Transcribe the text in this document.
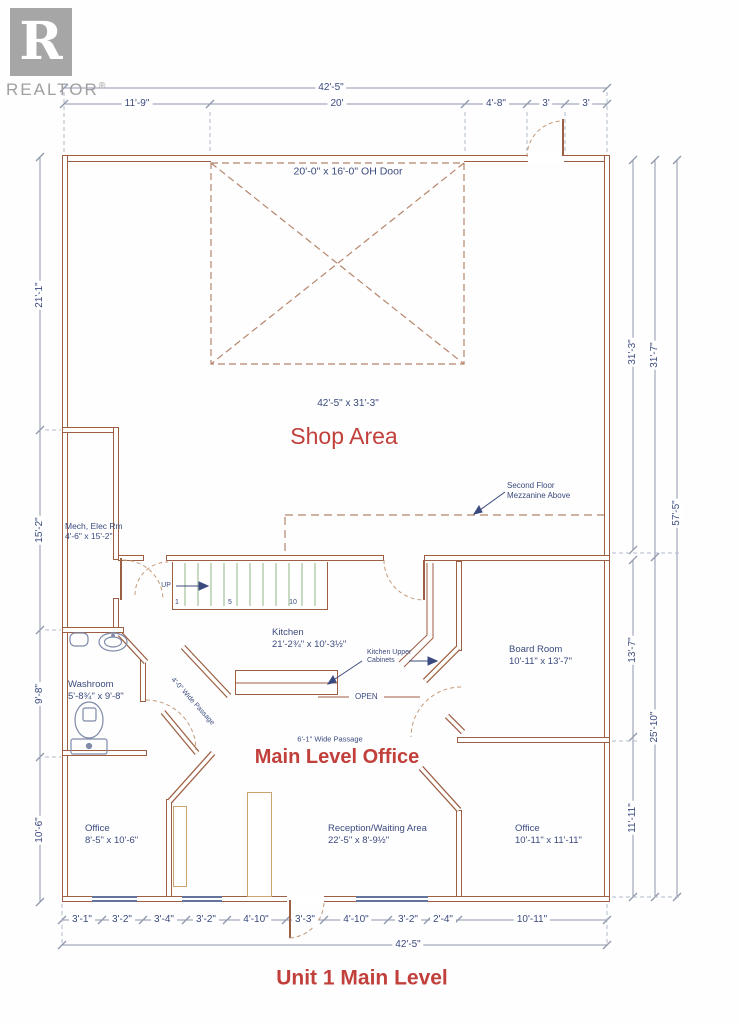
R
REALTOR®	42'-5"
11'-9"	20'	4'-8"	3'	3'
21'-1"
15'-2"
9'-8"
10'-6"
31'-3" 31'-7"
57'-5"
13'-7"
25'-10"
11'-11"
3'-1"	3'-2"	3'-4"	3'-2"	4'-10"	3'-3"	4'-10"	3'-2"	2'-4"	10'-11"
42'-5"
20'-0" x 16'-0" OH Door
42'-5" x 31'-3"
Shop Area
Second Floor
Mezzanine Above
Mech, Elec Rm
4'-6" x 15'-2"
Kitchen
21'-2¾" x 10'-3½"
Kitchen Upper
Cabinets
OPEN
Board Room
10'-11" x 13'-7"
Washroom
5'-8¾" x 9'-8"	4'-0" Wide Passage
6'-1" Wide Passage
Main Level Office
Office
8'-5" x 10'-6"
Reception/Waiting Area
22'-5" x 8'-9½"
Office
10'-11" x 11'-11"
UP
1	5	10
Unit 1 Main Level
